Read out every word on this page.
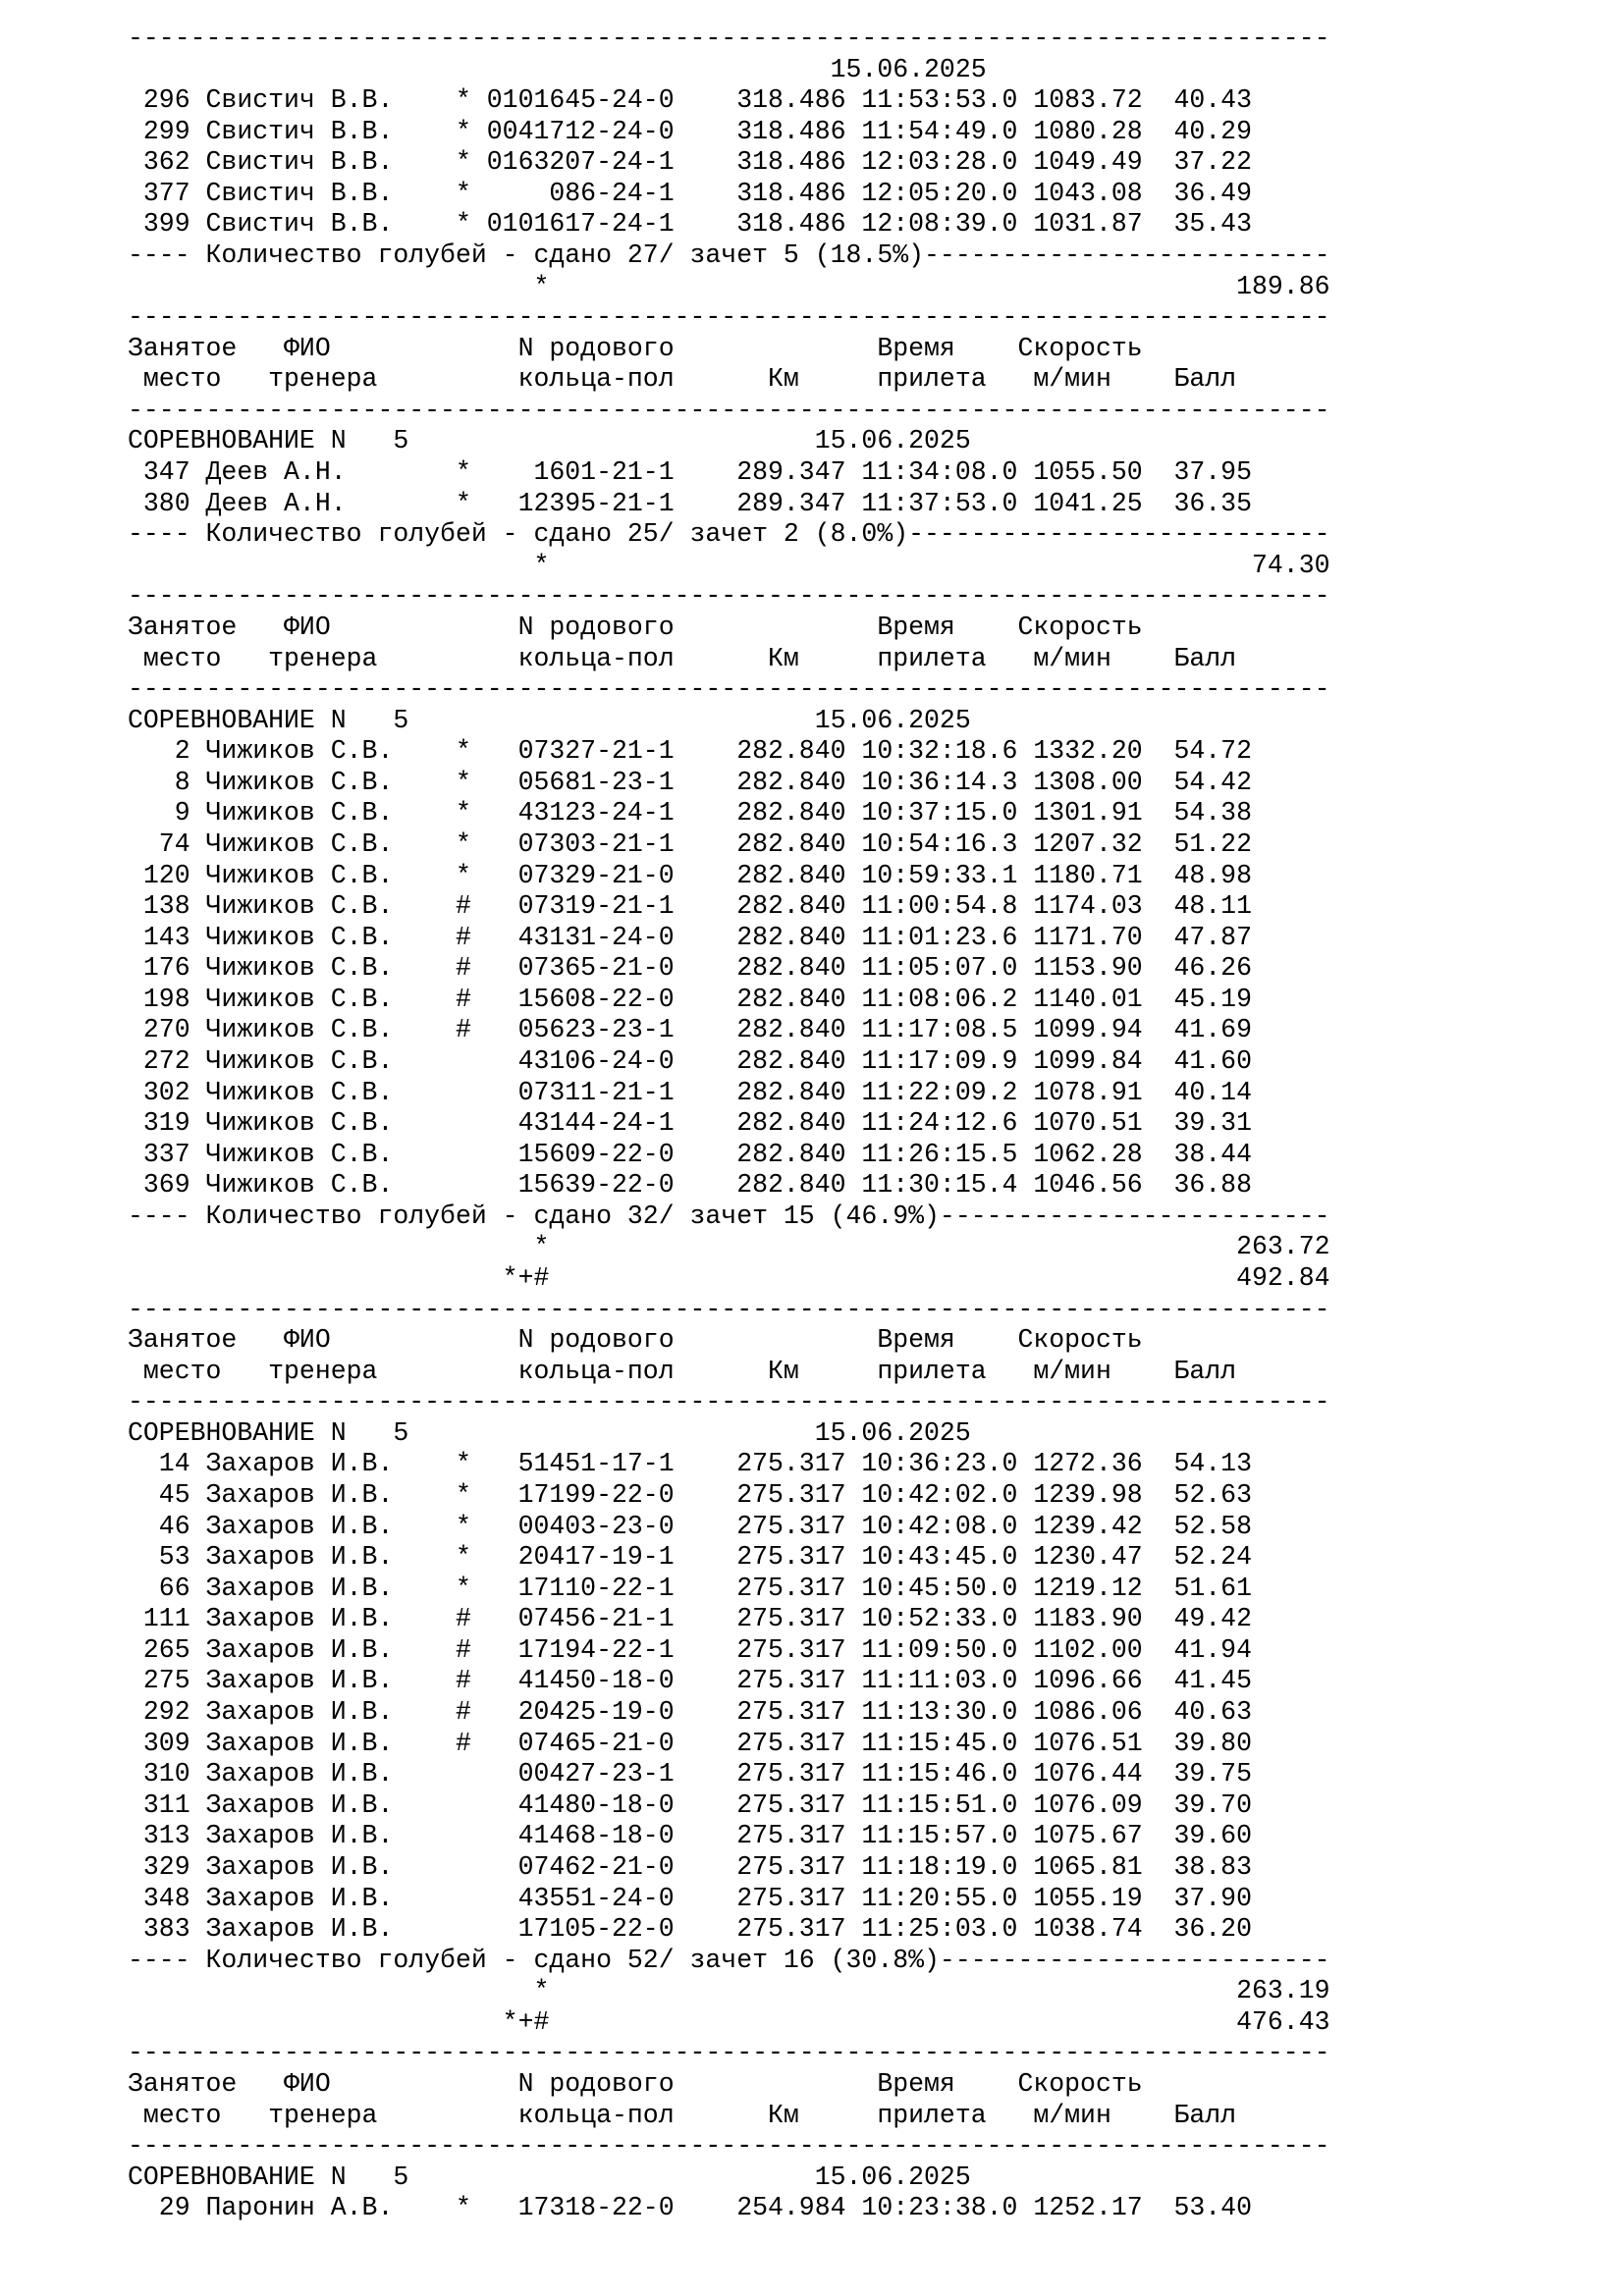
-----------------------------------------------------------------------------
15.06.2025
296 Свистич В.В.    * 0101645-24-0    318.486 11:53:53.0 1083.72  40.43
299 Свистич В.В.    * 0041712-24-0    318.486 11:54:49.0 1080.28  40.29
362 Свистич В.В.    * 0163207-24-1    318.486 12:03:28.0 1049.49  37.22
377 Свистич В.В.    *     086-24-1    318.486 12:05:20.0 1043.08  36.49
399 Свистич В.В.    * 0101617-24-1    318.486 12:08:39.0 1031.87  35.43
---- Количество голубей - сдано 27/ зачет 5 (18.5%)--------------------------
*                                            189.86
-----------------------------------------------------------------------------
Занятое   ФИО            N родового             Время    Скорость
место   тренера         кольца-пол      Км     прилета   м/мин    Балл
-----------------------------------------------------------------------------
СОРЕВНОВАНИЕ N   5                          15.06.2025
347 Деев А.Н.       *    1601-21-1    289.347 11:34:08.0 1055.50  37.95
380 Деев А.Н.       *   12395-21-1    289.347 11:37:53.0 1041.25  36.35
---- Количество голубей - сдано 25/ зачет 2 (8.0%)---------------------------
*                                             74.30
-----------------------------------------------------------------------------
Занятое   ФИО            N родового             Время    Скорость
место   тренера         кольца-пол      Км     прилета   м/мин    Балл
-----------------------------------------------------------------------------
СОРЕВНОВАНИЕ N   5                          15.06.2025
2 Чижиков С.В.    *   07327-21-1    282.840 10:32:18.6 1332.20  54.72
8 Чижиков С.В.    *   05681-23-1    282.840 10:36:14.3 1308.00  54.42
9 Чижиков С.В.    *   43123-24-1    282.840 10:37:15.0 1301.91  54.38
74 Чижиков С.В.    *   07303-21-1    282.840 10:54:16.3 1207.32  51.22
120 Чижиков С.В.    *   07329-21-0    282.840 10:59:33.1 1180.71  48.98
138 Чижиков С.В.    #   07319-21-1    282.840 11:00:54.8 1174.03  48.11
143 Чижиков С.В.    #   43131-24-0    282.840 11:01:23.6 1171.70  47.87
176 Чижиков С.В.    #   07365-21-0    282.840 11:05:07.0 1153.90  46.26
198 Чижиков С.В.    #   15608-22-0    282.840 11:08:06.2 1140.01  45.19
270 Чижиков С.В.    #   05623-23-1    282.840 11:17:08.5 1099.94  41.69
272 Чижиков С.В.        43106-24-0    282.840 11:17:09.9 1099.84  41.60
302 Чижиков С.В.        07311-21-1    282.840 11:22:09.2 1078.91  40.14
319 Чижиков С.В.        43144-24-1    282.840 11:24:12.6 1070.51  39.31
337 Чижиков С.В.        15609-22-0    282.840 11:26:15.5 1062.28  38.44
369 Чижиков С.В.        15639-22-0    282.840 11:30:15.4 1046.56  36.88
---- Количество голубей - сдано 32/ зачет 15 (46.9%)-------------------------
*                                            263.72
*+#                                            492.84
-----------------------------------------------------------------------------
Занятое   ФИО            N родового             Время    Скорость
место   тренера         кольца-пол      Км     прилета   м/мин    Балл
-----------------------------------------------------------------------------
СОРЕВНОВАНИЕ N   5                          15.06.2025
14 Захаров И.В.    *   51451-17-1    275.317 10:36:23.0 1272.36  54.13
45 Захаров И.В.    *   17199-22-0    275.317 10:42:02.0 1239.98  52.63
46 Захаров И.В.    *   00403-23-0    275.317 10:42:08.0 1239.42  52.58
53 Захаров И.В.    *   20417-19-1    275.317 10:43:45.0 1230.47  52.24
66 Захаров И.В.    *   17110-22-1    275.317 10:45:50.0 1219.12  51.61
111 Захаров И.В.    #   07456-21-1    275.317 10:52:33.0 1183.90  49.42
265 Захаров И.В.    #   17194-22-1    275.317 11:09:50.0 1102.00  41.94
275 Захаров И.В.    #   41450-18-0    275.317 11:11:03.0 1096.66  41.45
292 Захаров И.В.    #   20425-19-0    275.317 11:13:30.0 1086.06  40.63
309 Захаров И.В.    #   07465-21-0    275.317 11:15:45.0 1076.51  39.80
310 Захаров И.В.        00427-23-1    275.317 11:15:46.0 1076.44  39.75
311 Захаров И.В.        41480-18-0    275.317 11:15:51.0 1076.09  39.70
313 Захаров И.В.        41468-18-0    275.317 11:15:57.0 1075.67  39.60
329 Захаров И.В.        07462-21-0    275.317 11:18:19.0 1065.81  38.83
348 Захаров И.В.        43551-24-0    275.317 11:20:55.0 1055.19  37.90
383 Захаров И.В.        17105-22-0    275.317 11:25:03.0 1038.74  36.20
---- Количество голубей - сдано 52/ зачет 16 (30.8%)-------------------------
*                                            263.19
*+#                                            476.43
-----------------------------------------------------------------------------
Занятое   ФИО            N родового             Время    Скорость
место   тренера         кольца-пол      Км     прилета   м/мин    Балл
-----------------------------------------------------------------------------
СОРЕВНОВАНИЕ N   5                          15.06.2025
29 Паронин А.В.    *   17318-22-0    254.984 10:23:38.0 1252.17  53.40
